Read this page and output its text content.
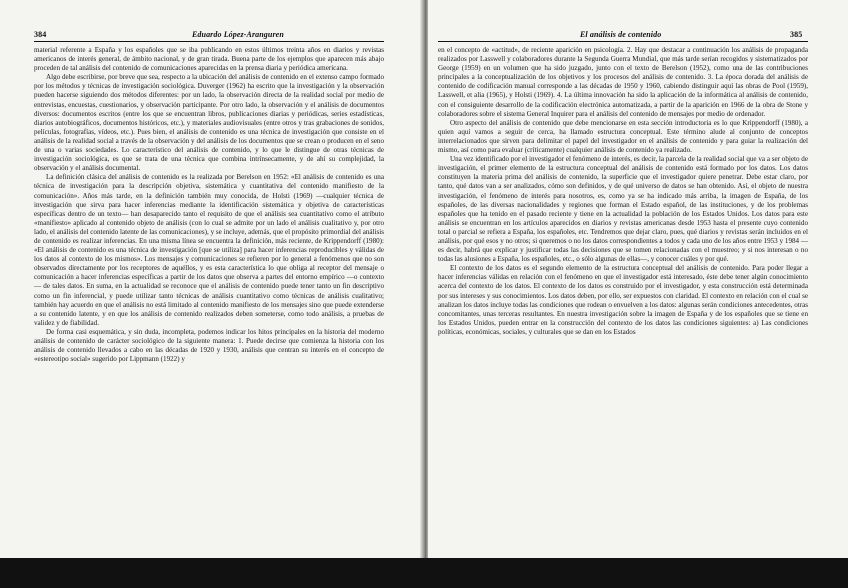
384	Eduardo López-Aranguren

material referente a España y los españoles que se iba publicando en estos últimos treinta años en diarios y revistas americanos de interés general, de ámbito nacional, y de gran tirada. Buena parte de los ejemplos que aparecen más abajo proceden de tal análisis del contenido de comunicaciones aparecidas en la prensa diaria y periódica americana.

Algo debe escribirse, por breve que sea, respecto a la ubicación del análisis de contenido en el extenso campo formado por los métodos y técnicas de investigación sociológica. Duverger (1962) ha escrito que la investigación y la observación pueden hacerse siguiendo dos métodos diferentes: por un lado, la observación directa de la realidad social por medio de entrevistas, encuestas, cuestionarios, y observación participante. Por otro lado, la observación y el análisis de documentos diversos: documentos escritos (entre los que se encuentran libros, publicaciones diarias y periódicas, series estadísticas, diarios autobiográficos, documentos históricos, etc.), y materiales audiovisuales (entre otros y tras grabaciones de sonidos, películas, fotografías, vídeos, etc.). Pues bien, el análisis de contenido es una técnica de investigación que consiste en el análisis de la realidad social a través de la observación y del análisis de los documentos que se crean o producen en el seno de una o varias sociedades. Lo característico del análisis de contenido, y lo que le distingue de otras técnicas de investigación sociológica, es que se trata de una técnica que combina intrínsecamente, y de ahí su complejidad, la observación y el análisis documental.

La definición clásica del análisis de contenido es la realizada por Berelson en 1952: «El análisis de contenido es una técnica de investigación para la descripción objetiva, sistemática y cuantitativa del contenido manifiesto de la comunicación». Años más tarde, en la definición también muy conocida, de Holsti (1969) —cualquier técnica de investigación que sirva para hacer inferencias mediante la identificación sistemática y objetiva de características específicas dentro de un texto— han desaparecido tanto el requisito de que el análisis sea cuantitativo como el atributo «manifiesto» aplicado al contenido objeto de análisis (con lo cual se admite por un lado el análisis cualitativo y, por otro lado, el análisis del contenido latente de las comunicaciones), y se incluye, además, que el propósito primordial del análisis de contenido es realizar inferencias. En una misma línea se encuentra la definición, más reciente, de Krippendorff (1980): «El análisis de contenido es una técnica de investigación [que se utiliza] para hacer inferencias reproducibles y válidas de los datos al contexto de los mismos». Los mensajes y comunicaciones se refieren por lo general a fenómenos que no son observados directamente por los receptores de aquéllos, y es esta característica lo que obliga al receptor del mensaje o comunicación a hacer inferencias específicas a partir de los datos que observa a partes del entorno empírico —o contexto— de tales datos. En suma, en la actualidad se reconoce que el análisis de contenido puede tener tanto un fin descriptivo como un fin inferencial, y puede utilizar tanto técnicas de análisis cuantitativo como técnicas de análisis cualitativo; también hay acuerdo en que el análisis no está limitado al contenido manifiesto de los mensajes sino que puede extenderse a su contenido latente, y en que los análisis de contenido realizados deben someterse, como todo análisis, a pruebas de validez y de fiabilidad.

De forma casi esquemática, y sin duda, incompleta, podemos indicar los hitos principales en la historia del moderno análisis de contenido de carácter sociológico de la siguiente manera: 1. Puede decirse que comienza la historia con los análisis de contenido llevados a cabo en las décadas de 1920 y 1930, análisis que centran su interés en el concepto de «estereotipo social» sugerido por Lippmann (1922) y

El análisis de contenido	385

en el concepto de «actitud», de reciente aparición en psicología. 2. Hay que destacar a continuación los análisis de propaganda realizados por Lasswell y colaboradores durante la Segunda Guerra Mundial, que más tarde serían recogidos y sistematizados por George (1959) en un volumen que ha sido juzgado, junto con el texto de Berelson (1952), como una de las contribuciones principales a la conceptualización de los objetivos y los procesos del análisis de contenido. 3. La época dorada del análisis de contenido de codificación manual corresponde a las décadas de 1950 y 1960, cabiendo distinguir aquí las obras de Pool (1959), Lasswell, et alia (1965), y Holsti (1969). 4. La última innovación ha sido la aplicación de la informática al análisis de contenido, con el consiguiente desarrollo de la codificación electrónica automatizada, a partir de la aparición en 1966 de la obra de Stone y colaboradores sobre el sistema General Inquirer para el análisis del contenido de mensajes por medio de ordenador.

Otro aspecto del análisis de contenido que debe mencionarse en esta sección introductoria es lo que Krippendorff (1980), a quien aquí vamos a seguir de cerca, ha llamado estructura conceptual. Este término alude al conjunto de conceptos interrelacionados que sirven para delimitar el papel del investigador en el análisis de contenido y para guiar la realización del mismo, así como para evaluar (críticamente) cualquier análisis de contenido ya realizado.

Una vez identificado por el investigador el fenómeno de interés, es decir, la parcela de la realidad social que va a ser objeto de investigación, el primer elemento de la estructura conceptual del análisis de contenido está formado por los datos. Los datos constituyen la materia prima del análisis de contenido, la superficie que el investigador quiere penetrar. Debe estar claro, por tanto, qué datos van a ser analizados, cómo son definidos, y de qué universo de datos se han obtenido. Así, el objeto de nuestra investigación, el fenómeno de interés para nosotros, es, como ya se ha indicado más arriba, la imagen de España, de los españoles, de las diversas nacionalidades y regiones que forman el Estado español, de las instituciones, y de los problemas españoles que ha tenido en el pasado reciente y tiene en la actualidad la población de los Estados Unidos. Los datos para este análisis se encuentran en los artículos aparecidos en diarios y revistas americanas desde 1953 hasta el presente cuyo contenido total o parcial se refiera a España, los españoles, etc. Tendremos que dejar claro, pues, qué diarios y revistas serán incluidos en el análisis, por qué esos y no otros; si queremos o no los datos correspondientes a todos y cada uno de los años entre 1953 y 1984 —es decir, habrá que explicar y justificar todas las decisiones que se tomen relacionadas con el muestreo; y si nos interesan o no todas las alusiones a España, los españoles, etc., o sólo algunas de ellas—, y conocer cuáles y por qué.

El contexto de los datos es el segundo elemento de la estructura conceptual del análisis de contenido. Para poder llegar a hacer inferencias válidas en relación con el fenómeno en que el investigador está interesado, éste debe tener algún conocimiento acerca del contexto de los datos. El contexto de los datos es construido por el investigador, y esta construcción está determinada por sus intereses y sus conocimientos. Los datos deben, por ello, ser expuestos con claridad. El contexto en relación con el cual se analizan los datos incluye todas las condiciones que rodean o envuelven a los datos: algunas serán condiciones antecedentes, otras concomitantes, unas terceras resultantes. En nuestra investigación sobre la imagen de España y de los españoles que se tiene en los Estados Unidos, pueden entrar en la construcción del contexto de los datos las condiciones siguientes: a) Las condiciones políticas, económicas, sociales, y culturales que se dan en los Estados
